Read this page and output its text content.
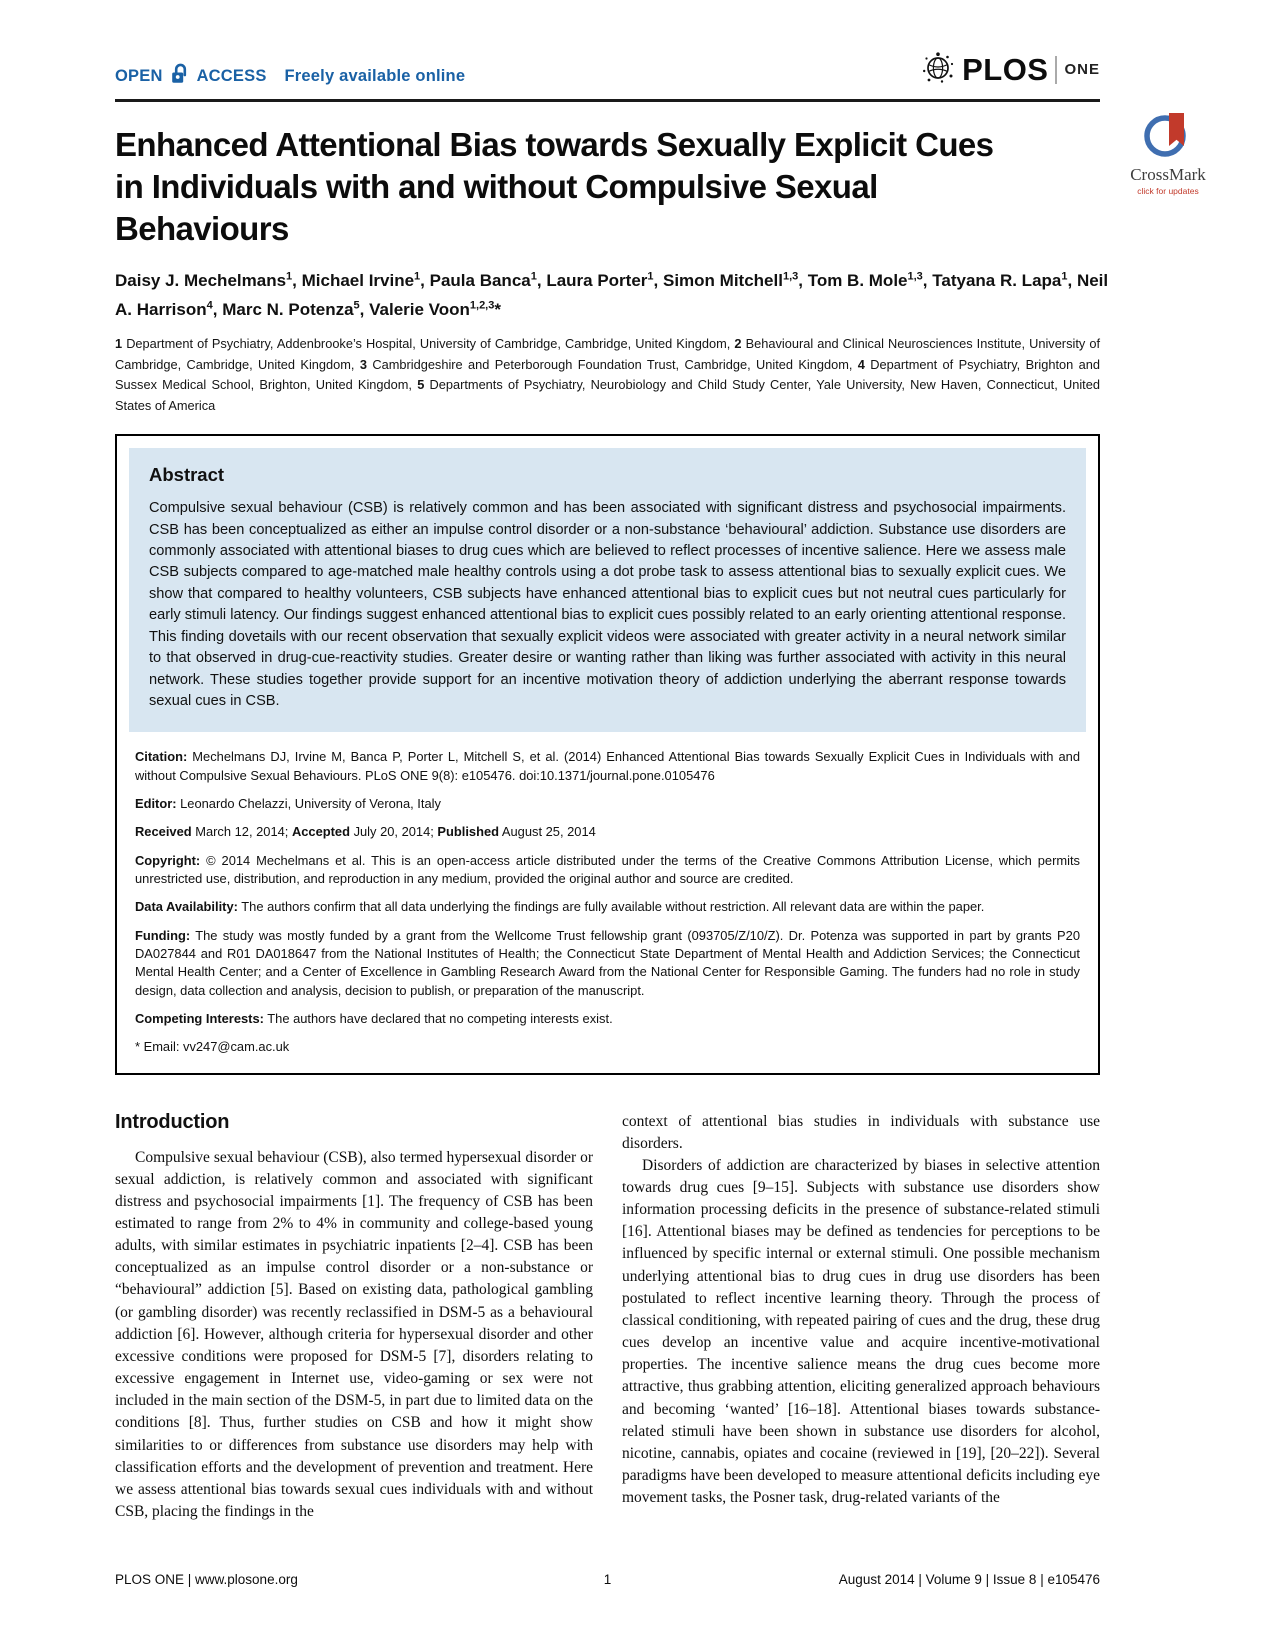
OPEN ACCESS Freely available online	PLOS ONE
Enhanced Attentional Bias towards Sexually Explicit Cues
in Individuals with and without Compulsive Sexual
Behaviours
Daisy J. Mechelmans$^1$, Michael Irvine$^1$, Paula Banca$^1$, Laura Porter$^1$, Simon Mitchell$^{1,3}$, Tom B. Mole$^{1,3}$, Tatyana R. Lapa$^1$, Neil A. Harrison$^4$, Marc N. Potenza$^5$, Valerie Voon$^{1,2,3}$*

1 Department of Psychiatry, Addenbrooke’s Hospital, University of Cambridge, Cambridge, United Kingdom, 2 Behavioural and Clinical Neurosciences Institute, University of Cambridge, Cambridge, United Kingdom, 3 Cambridgeshire and Peterborough Foundation Trust, Cambridge, United Kingdom, 4 Department of Psychiatry, Brighton and Sussex Medical School, Brighton, United Kingdom, 5 Departments of Psychiatry, Neurobiology and Child Study Center, Yale University, New Haven, Connecticut, United States of America

Abstract

Compulsive sexual behaviour (CSB) is relatively common and has been associated with significant distress and psychosocial impairments. CSB has been conceptualized as either an impulse control disorder or a non-substance ‘behavioural’ addiction. Substance use disorders are commonly associated with attentional biases to drug cues which are believed to reflect processes of incentive salience. Here we assess male CSB subjects compared to age-matched male healthy controls using a dot probe task to assess attentional bias to sexually explicit cues. We show that compared to healthy volunteers, CSB subjects have enhanced attentional bias to explicit cues but not neutral cues particularly for early stimuli latency. Our findings suggest enhanced attentional bias to explicit cues possibly related to an early orienting attentional response. This finding dovetails with our recent observation that sexually explicit videos were associated with greater activity in a neural network similar to that observed in drug-cue-reactivity studies. Greater desire or wanting rather than liking was further associated with activity in this neural network. These studies together provide support for an incentive motivation theory of addiction underlying the aberrant response towards sexual cues in CSB.

Citation: Mechelmans DJ, Irvine M, Banca P, Porter L, Mitchell S, et al. (2014) Enhanced Attentional Bias towards Sexually Explicit Cues in Individuals with and without Compulsive Sexual Behaviours. PLoS ONE 9(8): e105476. doi:10.1371/journal.pone.0105476

Editor: Leonardo Chelazzi, University of Verona, Italy

Received March 12, 2014; Accepted July 20, 2014; Published August 25, 2014

Copyright: © 2014 Mechelmans et al. This is an open-access article distributed under the terms of the Creative Commons Attribution License, which permits unrestricted use, distribution, and reproduction in any medium, provided the original author and source are credited.

Data Availability: The authors confirm that all data underlying the findings are fully available without restriction. All relevant data are within the paper.

Funding: The study was mostly funded by a grant from the Wellcome Trust fellowship grant (093705/Z/10/Z). Dr. Potenza was supported in part by grants P20 DA027844 and R01 DA018647 from the National Institutes of Health; the Connecticut State Department of Mental Health and Addiction Services; the Connecticut Mental Health Center; and a Center of Excellence in Gambling Research Award from the National Center for Responsible Gaming. The funders had no role in study design, data collection and analysis, decision to publish, or preparation of the manuscript.

Competing Interests: The authors have declared that no competing interests exist.

* Email: vv247@cam.ac.uk

Introduction

Compulsive sexual behaviour (CSB), also termed hypersexual disorder or sexual addiction, is relatively common and associated with significant distress and psychosocial impairments [1]. The frequency of CSB has been estimated to range from 2% to 4% in community and college-based young adults, with similar estimates in psychiatric inpatients [2–4]. CSB has been conceptualized as an impulse control disorder or a non-substance or “behavioural” addiction [5]. Based on existing data, pathological gambling (or gambling disorder) was recently reclassified in DSM-5 as a behavioural addiction [6]. However, although criteria for hypersexual disorder and other excessive conditions were proposed for DSM-5 [7], disorders relating to excessive engagement in Internet use, video-gaming or sex were not included in the main section of the DSM-5, in part due to limited data on the conditions [8]. Thus, further studies on CSB and how it might show similarities to or differences from substance use disorders may help with classification efforts and the development of prevention and treatment. Here we assess attentional bias towards sexual cues individuals with and without CSB, placing the findings in the

context of attentional bias studies in individuals with substance use disorders.

Disorders of addiction are characterized by biases in selective attention towards drug cues [9–15]. Subjects with substance use disorders show information processing deficits in the presence of substance-related stimuli [16]. Attentional biases may be defined as tendencies for perceptions to be influenced by specific internal or external stimuli. One possible mechanism underlying attentional bias to drug cues in drug use disorders has been postulated to reflect incentive learning theory. Through the process of classical conditioning, with repeated pairing of cues and the drug, these drug cues develop an incentive value and acquire incentive-motivational properties. The incentive salience means the drug cues become more attractive, thus grabbing attention, eliciting generalized approach behaviours and becoming ‘wanted’ [16–18]. Attentional biases towards substance-related stimuli have been shown in substance use disorders for alcohol, nicotine, cannabis, opiates and cocaine (reviewed in [19], [20–22]). Several paradigms have been developed to measure attentional deficits including eye movement tasks, the Posner task, drug-related variants of the

CrossMark
click for updates
PLOS ONE | www.plosone.org	1	August 2014 | Volume 9 | Issue 8 | e105476
